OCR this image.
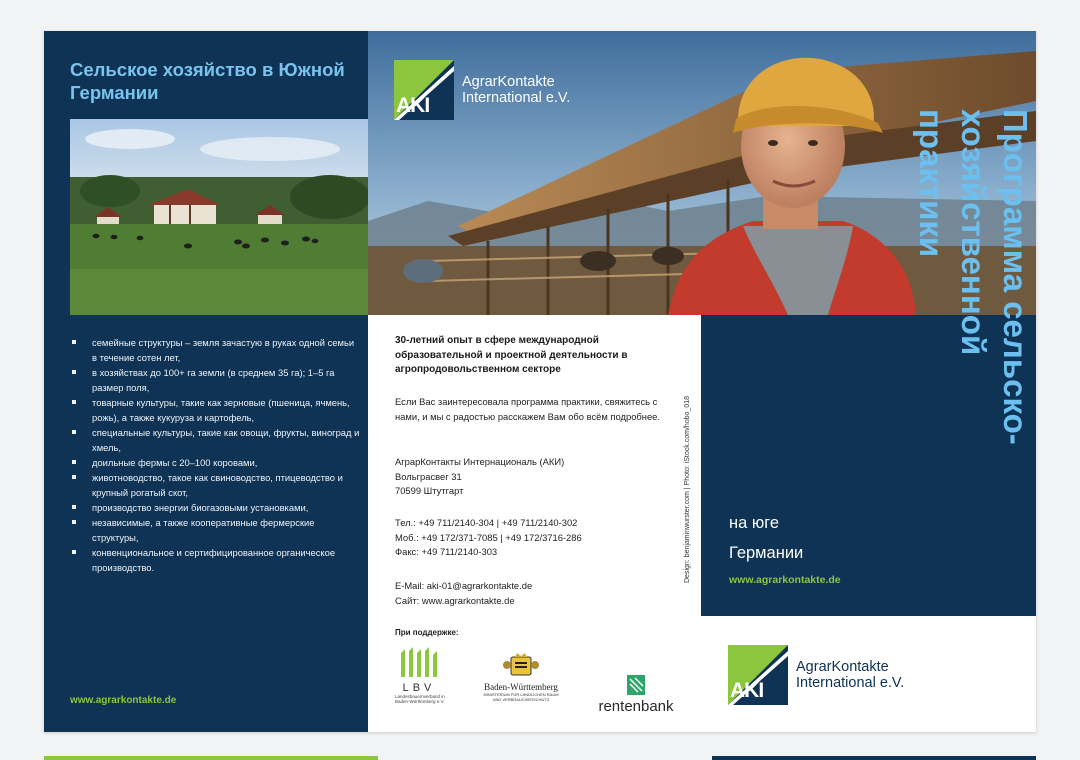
Сельское хозяйство в Южной Германии
семейные структуры – земля зачастую в руках одной семьи в течение сотен лет,
в хозяйствах до 100+ га земли (в среднем 35 га); 1–5 га размер поля,
товарные культуры, такие как зерновые (пшеница, ячмень, рожь), а также кукуруза и картофель,
специальные культуры, такие как овощи, фрукты, виноград и хмель,
доильные фермы с 20–100 коровами,
животноводство, такое как свиноводство, птицеводство и крупный рогатый скот,
производство энергии биогазовыми установками,
независимые, а также кооперативные фермерские структуры,
конвенциональное и сертифицированное органическое производство.
www.agrarkontakte.de
AKI
AgrarKontakte
International e.V.
на юге
Германии
www.agrarkontakte.de
Программа сельско-
хозяйственной
практики
30-летний опыт в сфере международной образовательной и проектной деятельности в агропродовольственном секторе
Если Вас заинтересовала программа практики, свяжитесь с нами, и мы с радостью расскажем Вам обо всём подробнее.
АграрКонтакты Интернациональ (АКИ)
Вольграсвег 31
70599 Штутгарт
Тел.: +49 711/2140-304 | +49 711/2140-302
Моб.: +49 172/371-7085 | +49 172/3716-286
Факс: +49 711/2140-303
E-Mail: aki-01@agrarkontakte.de
Сайт: www.agrarkontakte.de
При поддержке:
LBV
Landesbauernverband in
Baden-Württemberg e.V.
Baden-Württemberg
MINISTERIUM FÜR LÄNDLICHEN RAUM
UND VERBRAUCHERSCHUTZ	rentenbank
Design: benjaminwurster.com | Photo: iStock.com/hobo_018
AKI
AgrarKontakte
International e.V.
